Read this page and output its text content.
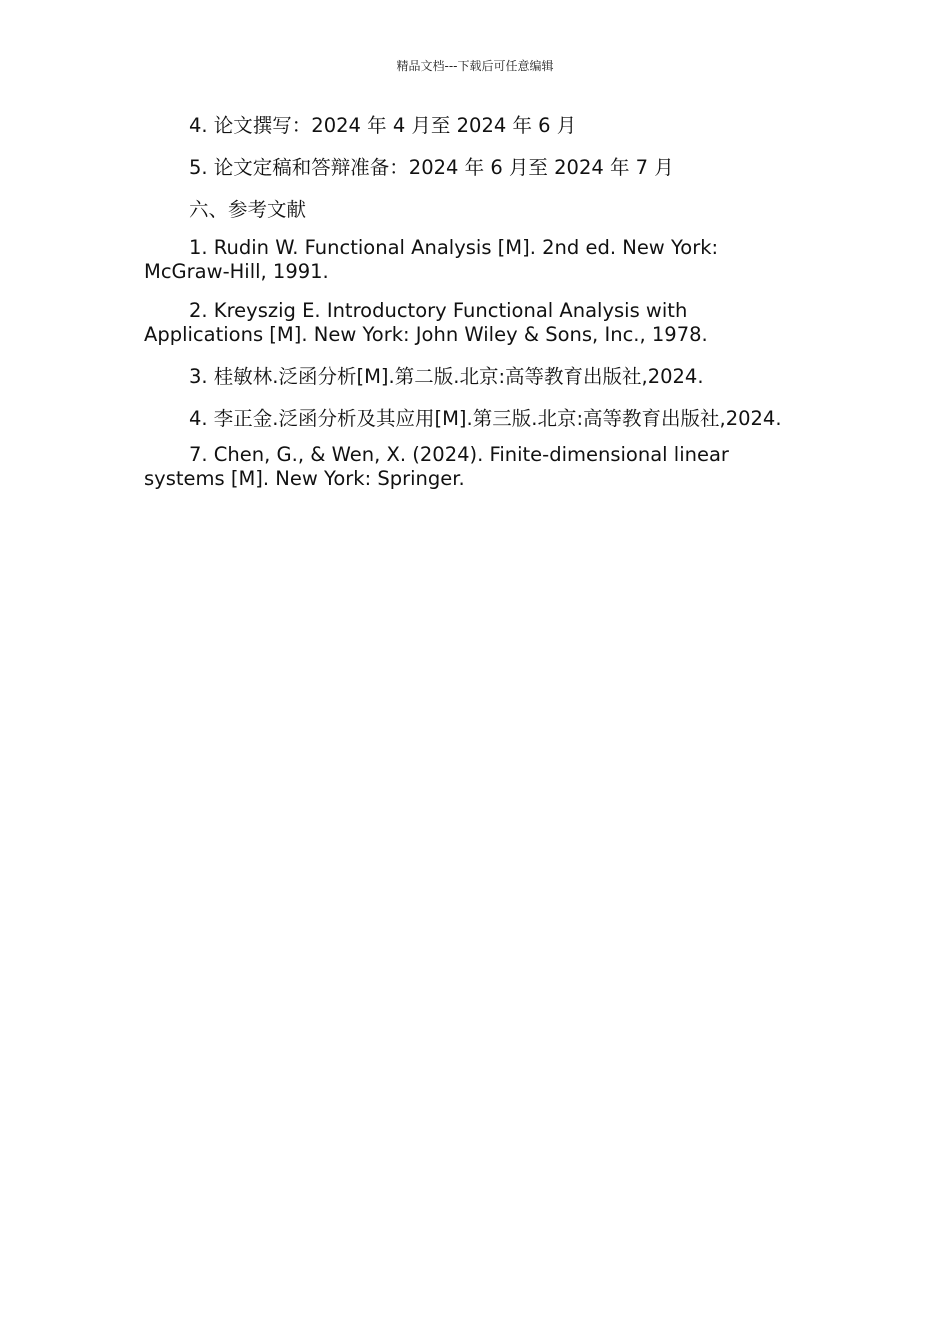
精品文档---下载后可任意编辑

4. 论文撰写：2024 年 4 月至 2024 年 6 月

5. 论文定稿和答辩准备：2024 年 6 月至 2024 年 7 月

六、参考文献

1. Rudin W. Functional Analysis [M]. 2nd ed. New York: McGraw-Hill, 1991.

2. Kreyszig E. Introductory Functional Analysis with Applications [M]. New York: John Wiley & Sons, Inc., 1978.

3. 桂敏林.泛函分析[M].第二版.北京:高等教育出版社,2024.

4. 李正金.泛函分析及其应用[M].第三版.北京:高等教育出版社,2024.

7. Chen, G., & Wen, X. (2024). Finite-dimensional linear systems [M]. New York: Springer.
